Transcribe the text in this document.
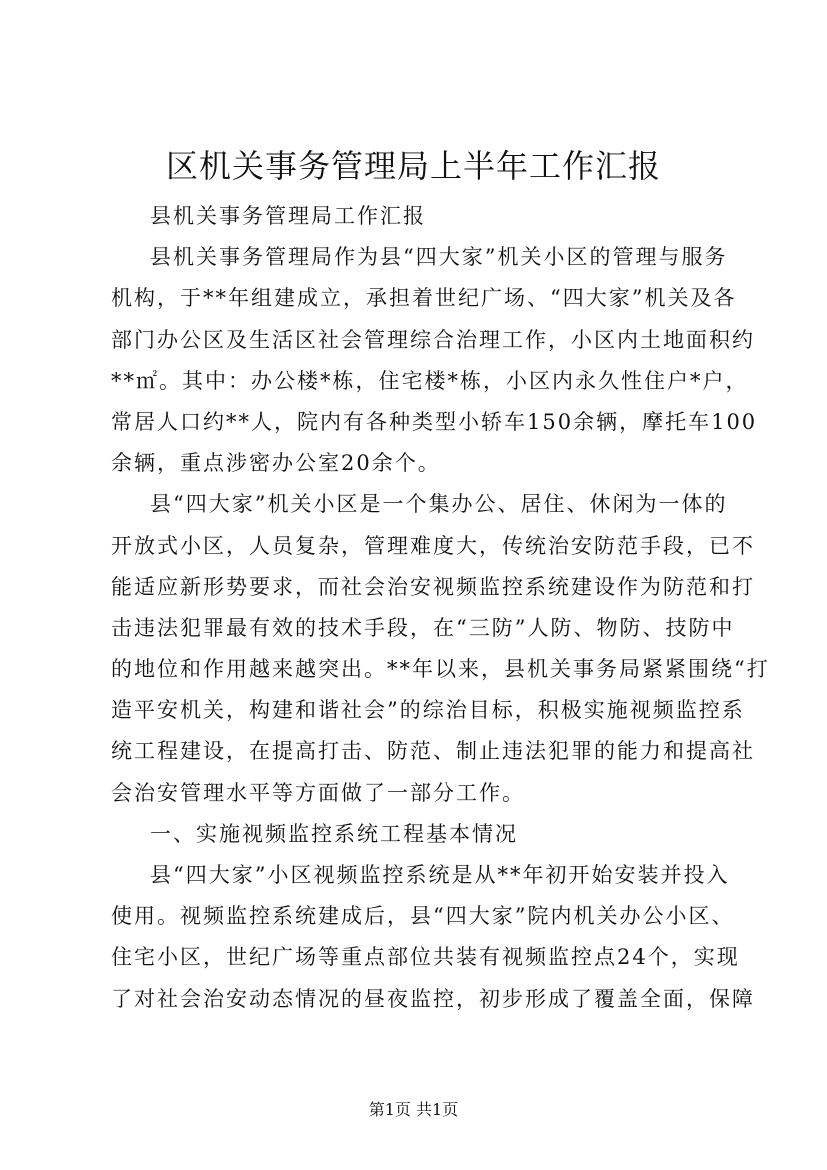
区机关事务管理局上半年工作汇报
县机关事务管理局工作汇报
县机关事务管理局作为县“四大家”机关小区的管理与服务
机构，于**年组建成立，承担着世纪广场、“四大家”机关及各
部门办公区及生活区社会管理综合治理工作，小区内土地面积约
**㎡。其中：办公楼*栋，住宅楼*栋，小区内永久性住户*户，
常居人口约**人，院内有各种类型小轿车150余辆，摩托车100
余辆，重点涉密办公室20余个。
县“四大家”机关小区是一个集办公、居住、休闲为一体的
开放式小区，人员复杂，管理难度大，传统治安防范手段，已不
能适应新形势要求，而社会治安视频监控系统建设作为防范和打
击违法犯罪最有效的技术手段，在“三防”人防、物防、技防中
的地位和作用越来越突出。**年以来，县机关事务局紧紧围绕“打
造平安机关，构建和谐社会”的综治目标，积极实施视频监控系
统工程建设，在提高打击、防范、制止违法犯罪的能力和提高社
会治安管理水平等方面做了一部分工作。
一、实施视频监控系统工程基本情况
县“四大家”小区视频监控系统是从**年初开始安装并投入
使用。视频监控系统建成后，县“四大家”院内机关办公小区、
住宅小区，世纪广场等重点部位共装有视频监控点24个，实现
了对社会治安动态情况的昼夜监控，初步形成了覆盖全面，保障
第1页 共1页
